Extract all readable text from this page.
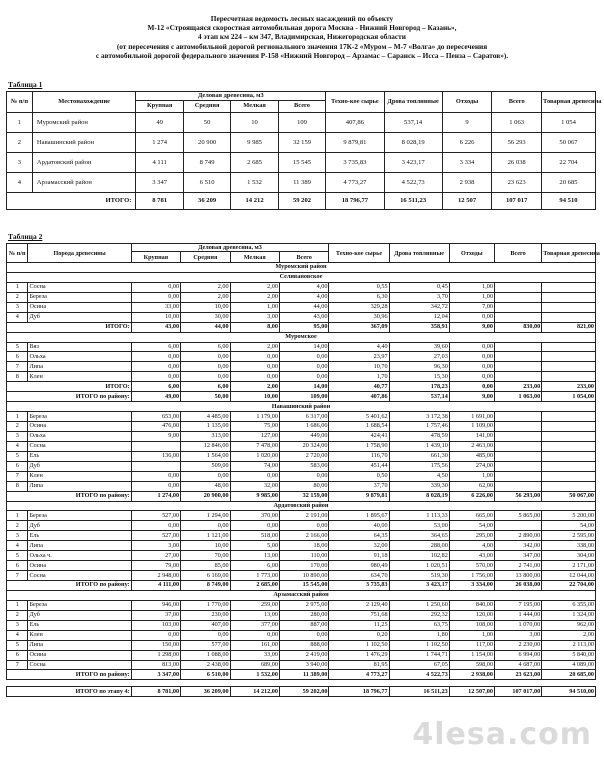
Пересчетная ведомость лесных насаждений по объекту
М-12 «Строящаяся скоростная автомобильная дорога Москва - Нижний Новгород – Казань»,
4 этап км 224 – км 347, Владимирская, Нижегородская области
(от пересечения с автомобильной дорогой регионального значения 17К-2 «Муром – М-7 «Волга» до пересечения
с автомобильной дорогой федерального значения Р-158 «Нижний Новгород – Арзамас – Саранск – Исса – Пенза – Саратов»).
Таблица 1
№ п/п	Местонахождение	Деловая древесина, м3				Техно-кое сырье	Дрова топливные	Отходы	Всего	Товарная древесина
		Крупная	Средняя	Мелкая	Всего					
1	Муромский район	49	50	10	109	407,86	537,14	9	1 063	1 054
2	Навашинский район	1 274	20 900	9 985	32 159	9 879,81	8 028,19	6 226	56 293	50 067
3	Ардатовский район	4 111	8 749	2 685	15 545	3 735,83	3 423,17	3 334	26 038	22 704
4	Арзамасский район	3 347	6 510	1 532	11 389	4 773,27	4 522,73	2 938	23 623	20 685
ИТОГО:		8 781	36 209	14 212	59 202	18 796,77	16 511,23	12 507	107 017	94 510
Таблица 2
№ п/п	Порода древесины	Деловая древесина, м3				Техно-кое сырье	Дрова топливные	Отходы	Всего	Товарная древесина
		Крупная	Средняя	Мелкая	Всего					
Муромский район										
Селивановское										
1	Сосна	0,00	2,00	2,00	4,00	0,55	0,45	1,00		
2	Береза	0,00	2,00	2,00	4,00	6,30	3,70	1,00		
3	Осина	33,00	10,00	1,00	44,00	329,28	342,72	7,00		
4	Дуб	10,00	30,00	3,00	43,00	30,96	12,04	0,00		
ИТОГО:		43,00	44,00	8,00	95,00	367,09	358,91	9,00	830,00	821,00
Муромское										
5	Вяз	6,00	6,00	2,00	14,00	4,40	39,60	0,00		
6	Ольха	0,00	0,00	0,00	0,00	23,97	27,03	0,00		
7	Липа	0,00	0,00	0,00	0,00	10,70	96,30	0,00		
8	Клен	0,00	0,00	0,00	0,00	1,70	15,30	0,00		
ИТОГО:		6,00	6,00	2,00	14,00	40,77	178,23	0,00	233,00	233,00
ИТОГО по району:		49,00	50,00	10,00	109,00	407,86	537,14	9,00	1 063,00	1 054,00
Навашинский район										
1	Береза	653,00	4 485,00	1 179,00	6 317,00	5 401,62	3 172,38	1 691,00		
2	Осина	476,00	1 135,00	75,00	1 686,00	1 688,54	1 757,46	1 109,00		
3	Ольха	9,00	313,00	127,00	449,00	424,41	478,59	141,00		
4	Сосна		12 846,00	7 478,00	20 324,00	1 758,90	1 439,10	2 463,00		
5	Ель	136,00	1 564,00	1 020,00	2 720,00	116,70	661,30	485,00		
6	Дуб		509,00	74,00	583,00	451,44	175,56	274,00		
7	Клен	0,00	0,00	0,00	0,00	0,50	4,50	1,00		
8	Липа	0,00	48,00	32,00	80,00	37,70	339,30	62,00		
ИТОГО по району:		1 274,00	20 900,00	9 985,00	32 159,00	9 879,81	8 028,19	6 226,00	56 293,00	50 067,00
Ардатовский район										
1	Береза	527,00	1 294,00	370,00	2 191,00	1 895,67	1 113,33	665,00	5 865,00	5 200,00
2	Дуб	0,00	0,00	0,00	0,00	40,00	53,00	54,00		54,00
3	Ель	527,00	1 121,00	518,00	2 166,00	64,35	364,65	295,00	2 890,00	2 595,00
4	Липа	3,00	10,00	5,00	18,00	32,00	288,00	4,00	342,00	338,00
5	Ольха ч.	27,00	70,00	13,00	110,00	91,18	102,82	43,00	347,00	304,00
6	Осина	79,00	85,00	6,00	170,00	980,49	1 020,51	570,00	2 741,00	2 171,00
7	Сосна	2 948,00	6 169,00	1 773,00	10 890,00	634,70	519,30	1 756,00	13 800,00	12 044,00
ИТОГО по району:		4 111,00	8 749,00	2 685,00	15 545,00	3 735,83	3 423,17	3 334,00	26 038,00	22 704,00
Арзамасский район										
1	Береза	946,00	1 770,00	259,00	2 975,00	2 129,40	1 250,60	840,00	7 195,00	6 355,00
2	Дуб	37,00	230,00	13,00	280,00	751,68	292,32	120,00	1 444,00	1 324,00
3	Ель	103,00	407,00	377,00	887,00	11,25	63,75	108,00	1 070,00	962,00
4	Клен	0,00	0,00	0,00	0,00	0,20	1,80	1,00	3,00	2,00
5	Липа	150,00	577,00	161,00	888,00	1 102,50	1 102,50	117,00	2 230,00	2 113,00
6	Осина	1 298,00	1 088,00	33,00	2 419,00	1 476,29	1 744,71	1 154,00	6 994,00	5 840,00
7	Сосна	813,00	2 438,00	689,00	3 940,00	81,95	67,05	598,00	4 687,00	4 089,00
ИТОГО по району:		3 347,00	6 510,00	1 532,00	11 389,00	4 773,27	4 522,73	2 938,00	23 623,00	20 685,00

ИТОГО по этапу 4:		8 781,00	36 209,00	14 212,00	59 202,00	18 796,77	16 511,23	12 507,00	107 017,00	94 510,00
4lesa.com
